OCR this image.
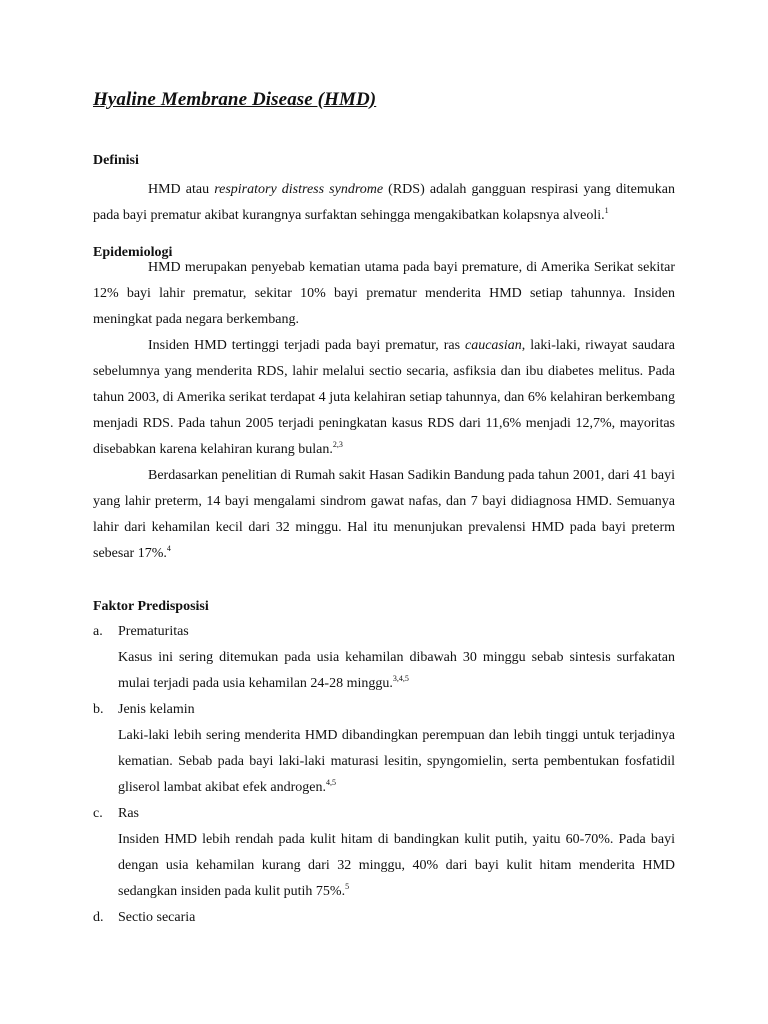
Hyaline Membrane Disease (HMD)
Definisi

HMD atau respiratory distress syndrome (RDS) adalah gangguan respirasi yang ditemukan pada bayi prematur akibat kurangnya surfaktan sehingga mengakibatkan kolapsnya alveoli.$^1$

Epidemiologi

HMD merupakan penyebab kematian utama pada bayi premature, di Amerika Serikat sekitar 12% bayi lahir prematur, sekitar 10% bayi prematur menderita HMD setiap tahunnya. Insiden meningkat pada negara berkembang.

Insiden HMD tertinggi terjadi pada bayi prematur, ras caucasian, laki-laki, riwayat saudara sebelumnya yang menderita RDS, lahir melalui sectio secaria, asfiksia dan ibu diabetes melitus. Pada tahun 2003, di Amerika serikat terdapat 4 juta kelahiran setiap tahunnya, dan 6% kelahiran berkembang menjadi RDS. Pada tahun 2005 terjadi peningkatan kasus RDS dari 11,6% menjadi 12,7%, mayoritas disebabkan karena kelahiran kurang bulan.$^{2,3}$

Berdasarkan penelitian di Rumah sakit Hasan Sadikin Bandung pada tahun 2001, dari 41 bayi yang lahir preterm, 14 bayi mengalami sindrom gawat nafas, dan 7 bayi didiagnosa HMD. Semuanya lahir dari kehamilan kecil dari 32 minggu. Hal itu menunjukan prevalensi HMD pada bayi preterm sebesar 17%.$^4$

Faktor Predisposisi
a. Prematuritas

Kasus ini sering ditemukan pada usia kehamilan dibawah 30 minggu sebab sintesis surfakatan mulai terjadi pada usia kehamilan 24-28 minggu.$^{3,4,5}$

b. Jenis kelamin

Laki-laki lebih sering menderita HMD dibandingkan perempuan dan lebih tinggi untuk terjadinya kematian. Sebab pada bayi laki-laki maturasi lesitin, spyngomielin, serta pembentukan fosfatidil gliserol lambat akibat efek androgen.$^{4,5}$

c. Ras

Insiden HMD lebih rendah pada kulit hitam di bandingkan kulit putih, yaitu 60-70%. Pada bayi dengan usia kehamilan kurang dari 32 minggu, 40% dari bayi kulit hitam menderita HMD sedangkan insiden pada kulit putih 75%.$^5$

d. Sectio secaria
